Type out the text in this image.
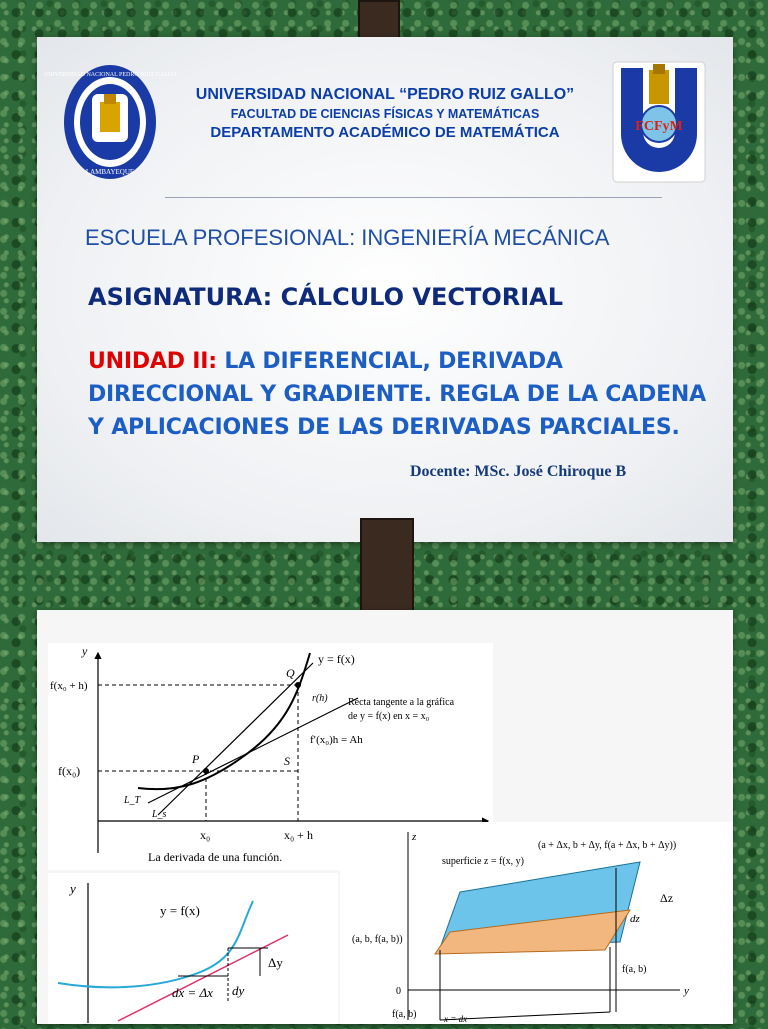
UNIVERSIDAD NACIONAL PEDRO RUIZ GALLO
LAMBAYEQUE
FCFyM
UNIVERSIDAD NACIONAL “PEDRO RUIZ GALLO”
FACULTAD DE CIENCIAS FÍSICAS Y MATEMÁTICAS
DEPARTAMENTO ACADÉMICO DE MATEMÁTICA
ESCUELA PROFESIONAL: INGENIERÍA MECÁNICA
ASIGNATURA: CÁLCULO VECTORIAL
UNIDAD II: LA DIFERENCIAL, DERIVADA DIRECCIONAL Y GRADIENTE. REGLA DE LA CADENA Y APLICACIONES DE LAS DERIVADAS PARCIALES.
Docente: MSc. José Chiroque B
y
y = f(x)
f(x₀ + h)
f(x₀)
Q
P	S
r(h) Recta tangente a la gráfica
de y = f(x) en x = x₀
f′(x₀)h = Ah
L_T
L_s
x₀	x₀ + h
La derivada de una función.
y
y = f(x)
Δy
dy
dx = Δx
z
y
(a + Δx, b + Δy, f(a + Δx, b + Δy))
superficie z = f(x, y)
Δz
dz
(a, b, f(a, b))
f(a, b)
0
f(a, b)	x = dx
